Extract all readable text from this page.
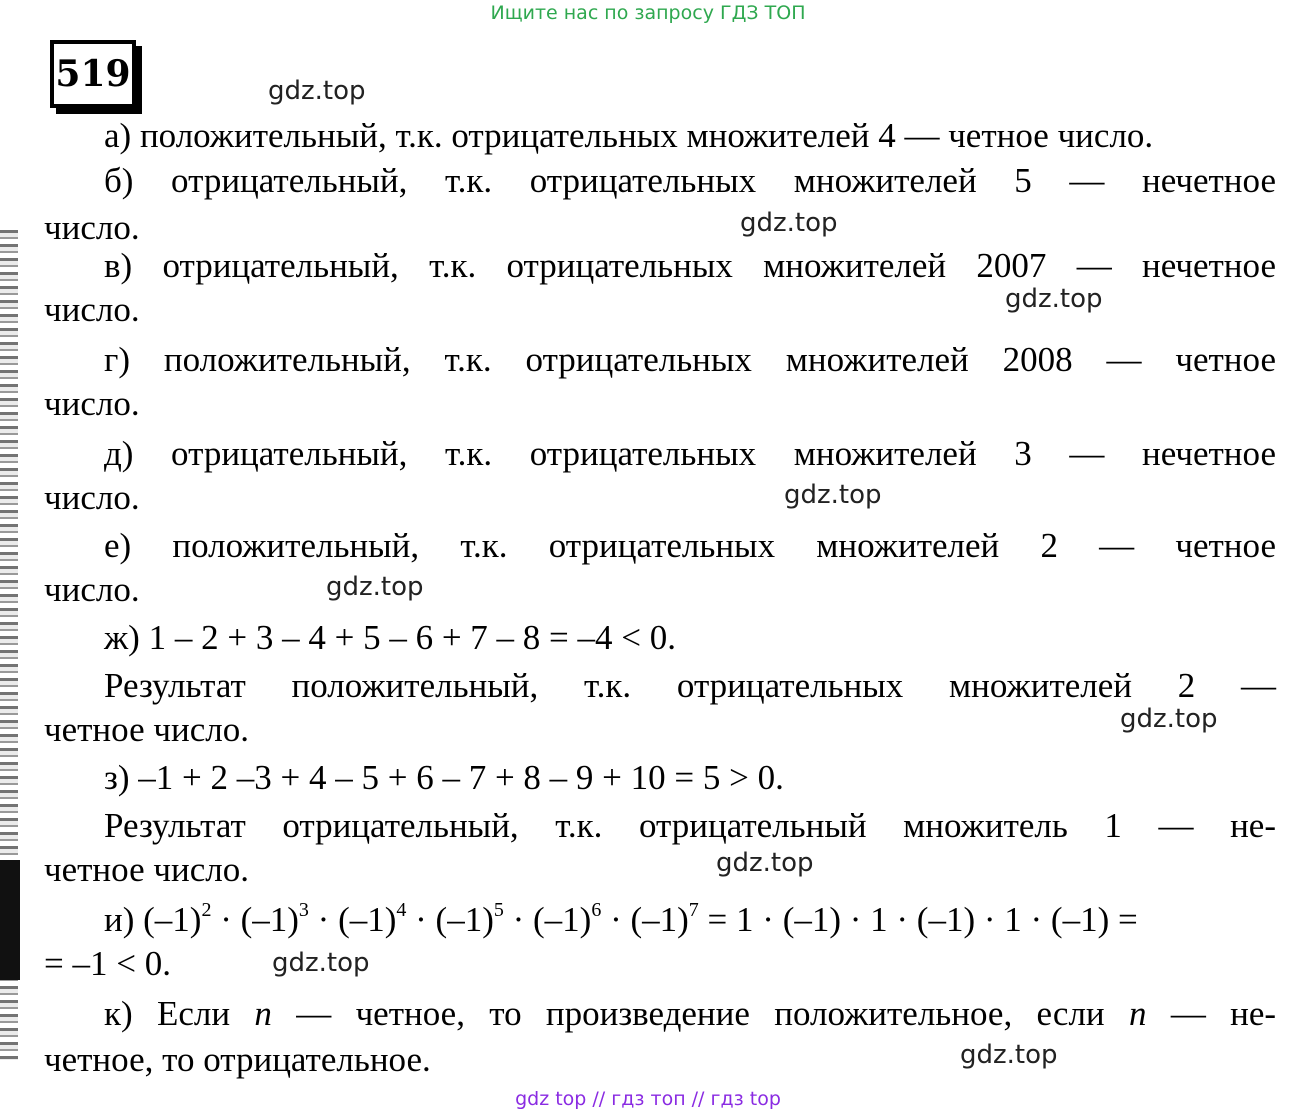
Ищите нас по запросу ГДЗ ТОП
519	gdz.top
gdz.top
gdz.top
gdz.top
gdz.top
gdz.top
gdz.top
gdz.top
gdz.top
а) положительный, т.к. отрицательных множителей 4 — четное число.
б) отрицательный, т.к. отрицательных множителей 5 — нечетное
число.
в) отрицательный, т.к. отрицательных множителей 2007 — нечетное
число.
г) положительный, т.к. отрицательных множителей 2008 — четное
число.
д) отрицательный, т.к. отрицательных множителей 3 — нечетное
число.
е) положительный, т.к. отрицательных множителей 2 — четное
число.
ж) 1 – 2 + 3 – 4 + 5 – 6 + 7 – 8 = –4 < 0.
Результат положительный, т.к. отрицательных множителей 2 —
четное число.
з) –1 + 2 –3 + 4 – 5 + 6 – 7 + 8 – 9 + 10 = 5 > 0.
Результат отрицательный, т.к. отрицательный множитель 1 — не-
четное число.
и) $(-1)^2 \cdot (-1)^3 \cdot (-1)^4 \cdot (-1)^5 \cdot (-1)^6 \cdot (-1)^7 = 1 \cdot (-1) \cdot 1 \cdot (-1) \cdot 1 \cdot (-1)$ =
= –1 < 0.
к) Если n — четное, то произведение положительное, если n — не-
четное, то отрицательное.
gdz top // гдз топ // гдз top
